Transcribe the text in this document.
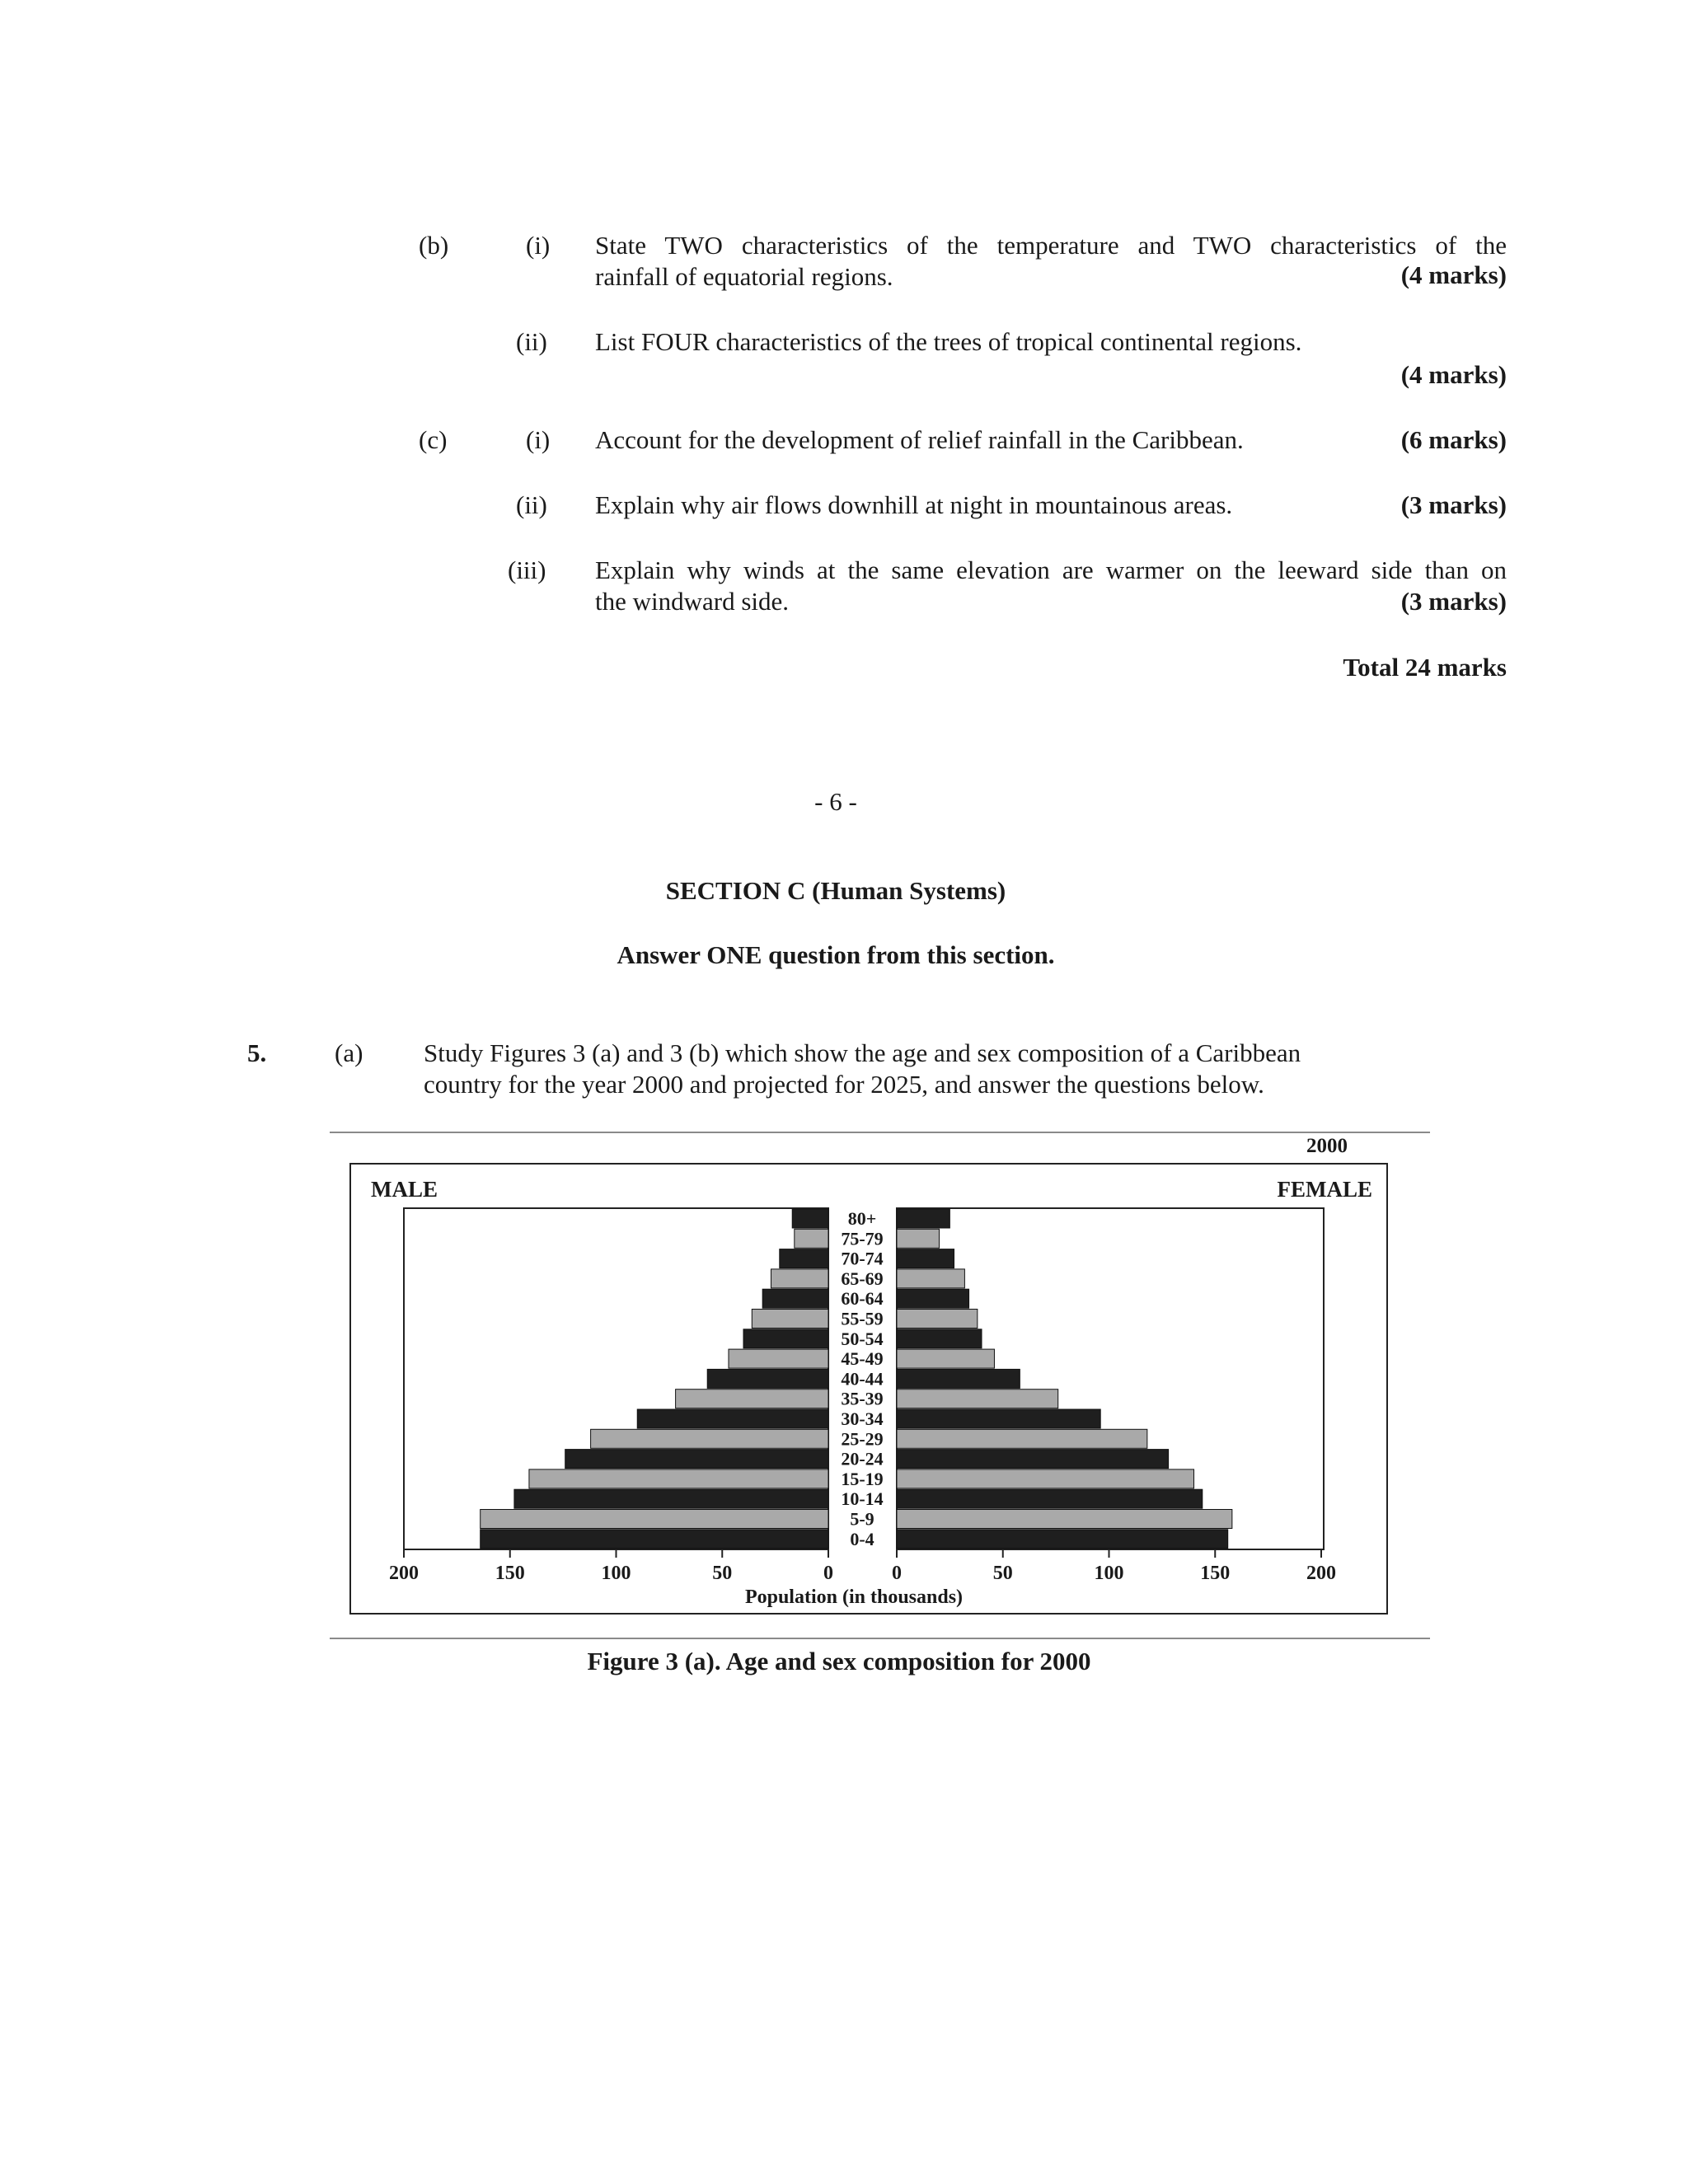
(b)	(i) State TWO characteristics of the temperature and TWO characteristics of the
rainfall of equatorial regions.	(4 marks)
(ii) List FOUR characteristics of the trees of tropical continental regions.
(4 marks)
(c)	(i) Account for the development of relief rainfall in the Caribbean.	(6 marks)
(ii) Explain why air flows downhill at night in mountainous areas.	(3 marks)
(iii) Explain why winds at the same elevation are warmer on the leeward side than on
the windward side.	(3 marks)
Total 24 marks
- 6 -
SECTION C (Human Systems)
Answer ONE question from this section.
5.	(a) Study Figures 3 (a) and 3 (b) which show the age and sex composition of a Caribbean
country for the year 2000 and projected for 2025, and answer the questions below.
2000
MALE	FEMALE
80+
75-79
70-74
65-69
60-64
55-59
50-54
45-49
40-44
35-39
30-34
25-29
20-24
15-19
10-14
5-9
0-4
200	200
150	150
100	100
50	50
0	0
Population (in thousands)
Figure 3 (a). Age and sex composition for 2000
